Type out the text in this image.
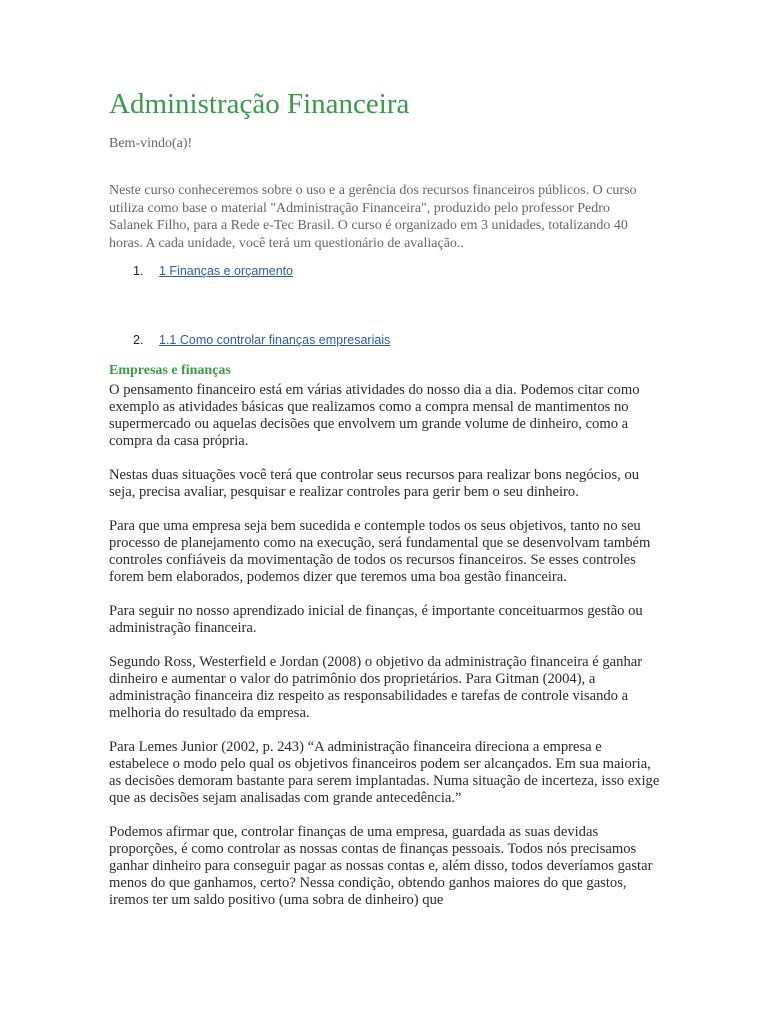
Administração Financeira

Bem-vindo(a)!

Neste curso conheceremos sobre o uso e a gerência dos recursos financeiros públicos. O curso utiliza como base o material "Administração Financeira", produzido pelo professor Pedro Salanek Filho, para a Rede e-Tec Brasil. O curso é organizado em 3 unidades, totalizando 40 horas. A cada unidade, você terá um questionário de avaliação..

1. 1 Finanças e orçamento
2. 1.1 Como controlar finanças empresariais
Empresas e finanças

O pensamento financeiro está em várias atividades do nosso dia a dia. Podemos citar como exemplo as atividades básicas que realizamos como a compra mensal de mantimentos no supermercado ou aquelas decisões que envolvem um grande volume de dinheiro, como a compra da casa própria.

Nestas duas situações você terá que controlar seus recursos para realizar bons negócios, ou seja, precisa avaliar, pesquisar e realizar controles para gerir bem o seu dinheiro.

Para que uma empresa seja bem sucedida e contemple todos os seus objetivos, tanto no seu processo de planejamento como na execução, será fundamental que se desenvolvam também controles confiáveis da movimentação de todos os recursos financeiros. Se esses controles forem bem elaborados, podemos dizer que teremos uma boa gestão financeira.

Para seguir no nosso aprendizado inicial de finanças, é importante conceituarmos gestão ou administração financeira.

Segundo Ross, Westerfield e Jordan (2008) o objetivo da administração financeira é ganhar dinheiro e aumentar o valor do patrimônio dos proprietários. Para Gitman (2004), a administração financeira diz respeito as responsabilidades e tarefas de controle visando a melhoria do resultado da empresa.

Para Lemes Junior (2002, p. 243) “A administração financeira direciona a empresa e estabelece o modo pelo qual os objetivos financeiros podem ser alcançados. Em sua maioria, as decisões demoram bastante para serem implantadas. Numa situação de incerteza, isso exige que as decisões sejam analisadas com grande antecedência.”

Podemos afirmar que, controlar finanças de uma empresa, guardada as suas devidas proporções, é como controlar as nossas contas de finanças pessoais. Todos nós precisamos ganhar dinheiro para conseguir pagar as nossas contas e, além disso, todos deveríamos gastar menos do que ganhamos, certo? Nessa condição, obtendo ganhos maiores do que gastos, iremos ter um saldo positivo (uma sobra de dinheiro) que
